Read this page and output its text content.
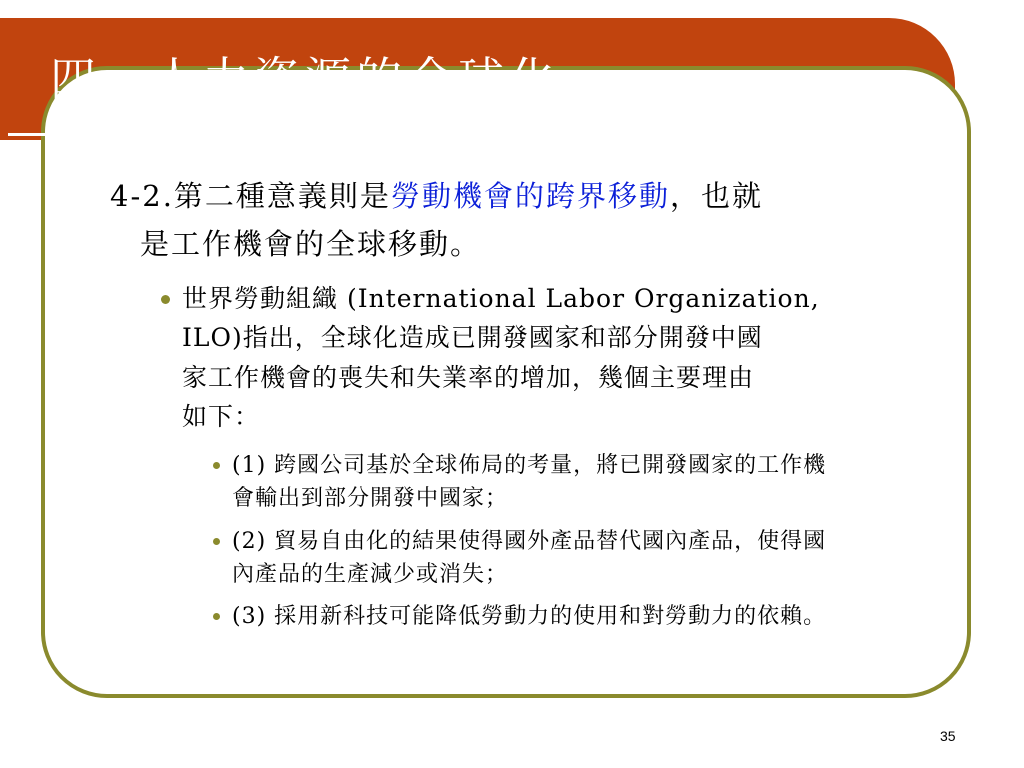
四、人力資源的全球化
4-2.第二種意義則是勞動機會的跨界移動，也就
是工作機會的全球移動。
世界勞動組織 (International Labor Organization,
ILO)指出，全球化造成已開發國家和部分開發中國
家工作機會的喪失和失業率的增加，幾個主要理由
如下：
(1) 跨國公司基於全球佈局的考量，將已開發國家的工作機
會輸出到部分開發中國家；
(2) 貿易自由化的結果使得國外產品替代國內產品，使得國
內產品的生產減少或消失；
(3) 採用新科技可能降低勞動力的使用和對勞動力的依賴。
35
